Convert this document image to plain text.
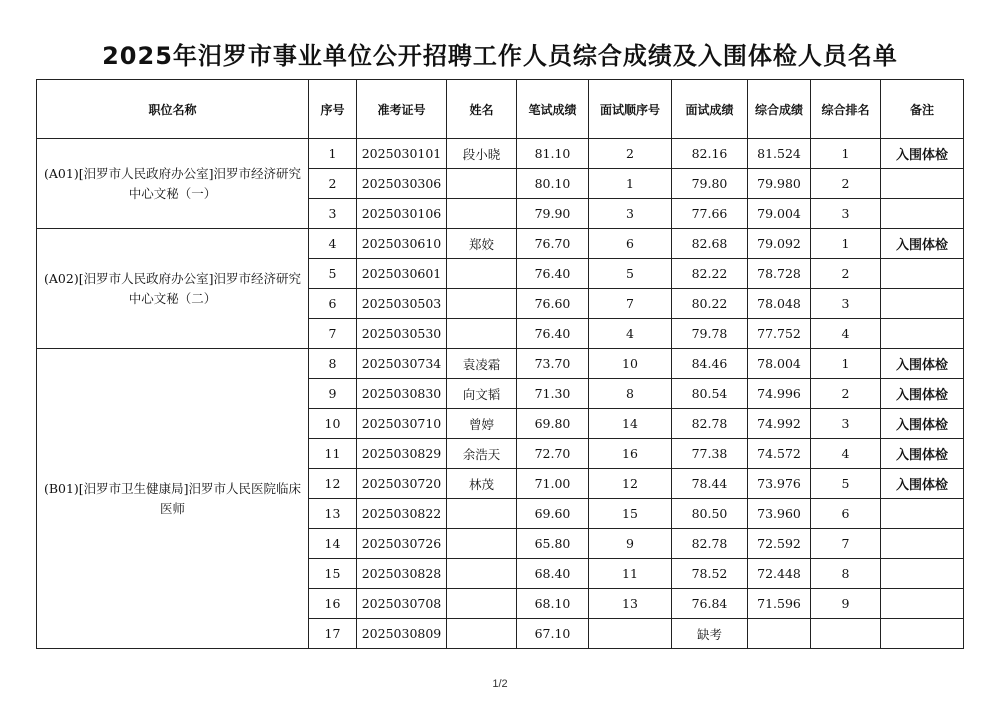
2025年汨罗市事业单位公开招聘工作人员综合成绩及入围体检人员名单
职位名称	序号	准考证号	姓名	笔试成绩	面试顺序号	面试成绩	综合成绩	综合排名	备注
(A01)[汨罗市人民政府办公室]汨罗市经济研究中心文秘（一）	1	2025030101	段小晓	81.10	2	82.16	81.524	1	入围体检
	2	2025030306		80.10	1	79.80	79.980	2	
	3	2025030106		79.90	3	77.66	79.004	3	
(A02)[汨罗市人民政府办公室]汨罗市经济研究中心文秘（二）	4	2025030610	郑姣	76.70	6	82.68	79.092	1	入围体检
	5	2025030601		76.40	5	82.22	78.728	2	
	6	2025030503		76.60	7	80.22	78.048	3	
	7	2025030530		76.40	4	79.78	77.752	4	
(B01)[汨罗市卫生健康局]汨罗市人民医院临床医师	8	2025030734	袁凌霜	73.70	10	84.46	78.004	1	入围体检
	9	2025030830	向文韬	71.30	8	80.54	74.996	2	入围体检
	10	2025030710	曾婷	69.80	14	82.78	74.992	3	入围体检
	11	2025030829	余浩天	72.70	16	77.38	74.572	4	入围体检
	12	2025030720	林茂	71.00	12	78.44	73.976	5	入围体检
	13	2025030822		69.60	15	80.50	73.960	6	
	14	2025030726		65.80	9	82.78	72.592	7	
	15	2025030828		68.40	11	78.52	72.448	8	
	16	2025030708		68.10	13	76.84	71.596	9	
	17	2025030809		67.10		缺考			
1/2
